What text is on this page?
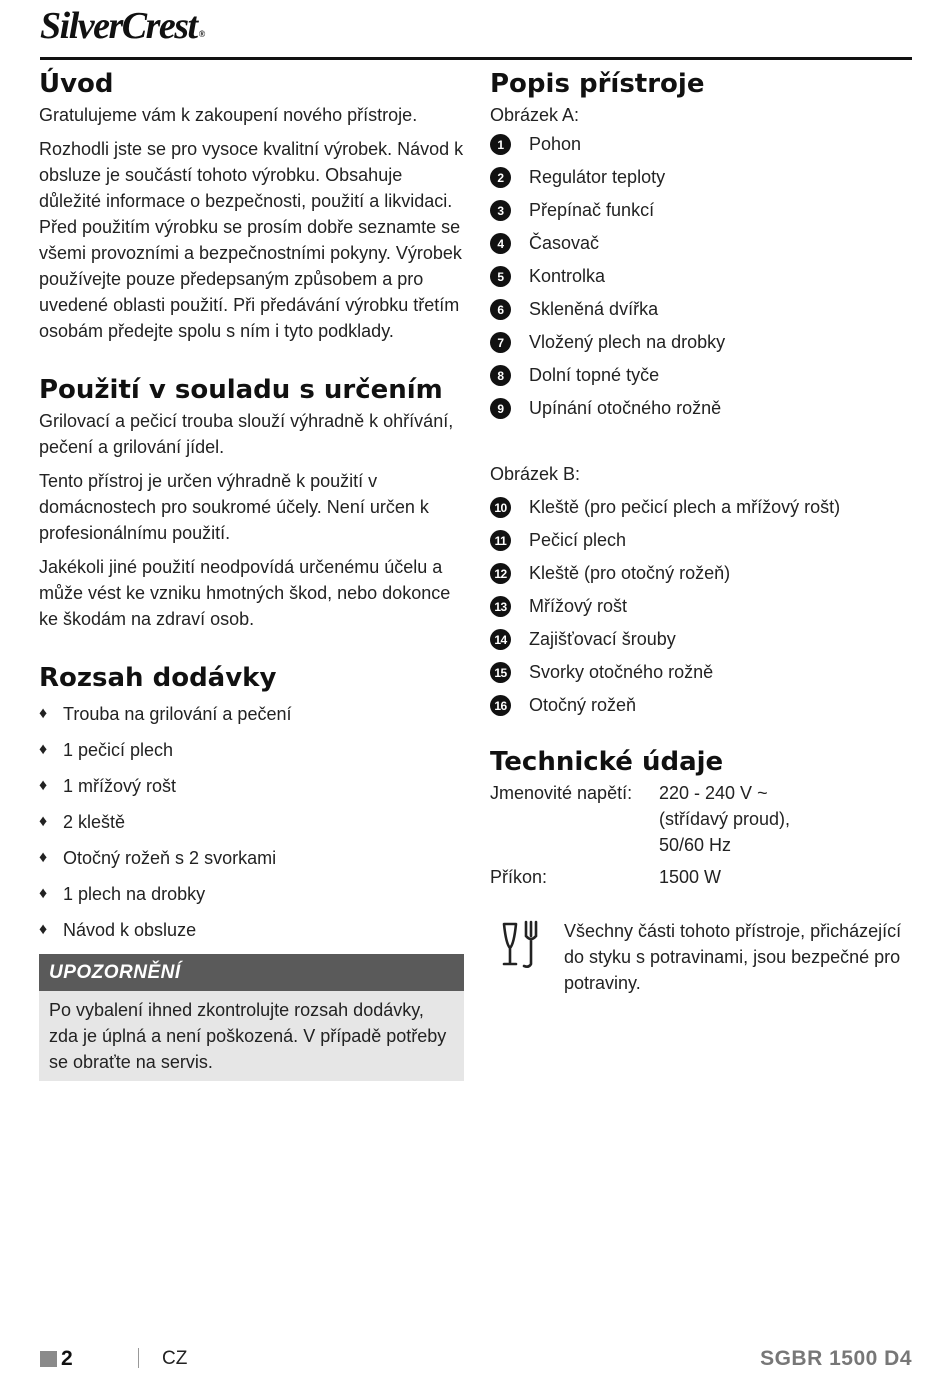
SilverCrest ®
Úvod

Gratulujeme vám k zakoupení nového přístroje.

Rozhodli jste se pro vysoce kvalitní výrobek. Návod k obsluze je součástí tohoto výrobku. Obsahuje důležité informace o bezpečnosti, použití a likvidaci. Před použitím výrobku se prosím dobře seznamte se všemi provozními a bezpečnostními pokyny. Výrobek používejte pouze předepsaným způsobem a pro uvedené oblasti použití. Při předávání výrobku třetím osobám předejte spolu s ním i tyto podklady.

Použití v souladu s určením

Grilovací a pečicí trouba slouží výhradně k ohřívání, pečení a grilování jídel.

Tento přístroj je určen výhradně k použití v domácnostech pro soukromé účely. Není určen k profesionálnímu použití.

Jakékoli jiné použití neodpovídá určenému účelu a může vést ke vzniku hmotných škod, nebo dokonce ke škodám na zdraví osob.

Rozsah dodávky
♦ Trouba na grilování a pečení
♦ 1 pečicí plech
♦ 1 mřížový rošt
♦ 2 kleště
♦ Otočný rožeň s 2 svorkami
♦ 1 plech na drobky
♦ Návod k obsluze
UPOZORNĚNÍ

Po vybalení ihned zkontrolujte rozsah dodávky, zda je úplná a není poškozená. V případě potřeby se obraťte na servis.

Popis přístroje

Obrázek A:

1	Pohon
2	Regulátor teploty
3	Přepínač funkcí
4	Časovač
5	Kontrolka
6	Skleněná dvířka
7	Vložený plech na drobky
8	Dolní topné tyče
9	Upínání otočného rožně

Obrázek B:

10 Kleště (pro pečicí plech a mřížový rošt)
11 Pečicí plech
12 Kleště (pro otočný rožeň)
13 Mřížový rošt
14 Zajišťovací šrouby
15 Svorky otočného rožně
16 Otočný rožeň
Technické údaje
Jmenovité napětí:	220 - 240 V ~
(střídavý proud),
50/60 Hz
Příkon:	1500 W

Všechny části tohoto přístroje, přicházející do styku s potravinami, jsou bezpečné pro potraviny.

2	CZ	SGBR 1500 D4
